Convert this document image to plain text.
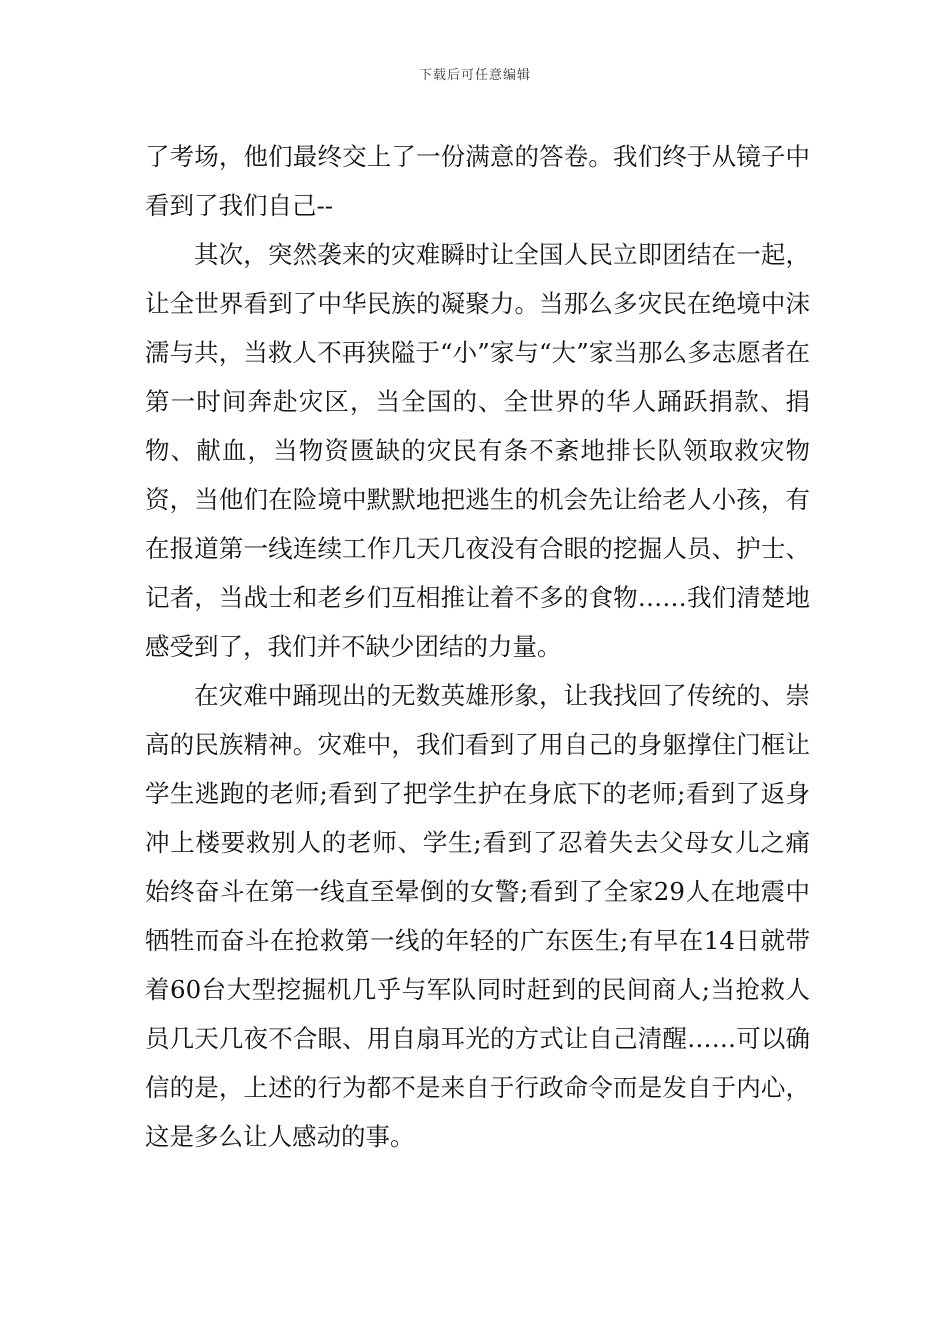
下载后可任意编辑

了考场，他们最终交上了一份满意的答卷。我们终于从镜子中看到了我们自己--

其次，突然袭来的灾难瞬时让全国人民立即团结在一起，让全世界看到了中华民族的凝聚力。当那么多灾民在绝境中沫濡与共，当救人不再狭隘于“小”家与“大”家当那么多志愿者在第一时间奔赴灾区，当全国的、全世界的华人踊跃捐款、捐物、献血，当物资匮缺的灾民有条不紊地排长队领取救灾物资，当他们在险境中默默地把逃生的机会先让给老人小孩，有在报道第一线连续工作几天几夜没有合眼的挖掘人员、护士、记者，当战士和老乡们互相推让着不多的食物……我们清楚地感受到了，我们并不缺少团结的力量。

在灾难中踊现出的无数英雄形象，让我找回了传统的、崇高的民族精神。灾难中，我们看到了用自己的身躯撑住门框让学生逃跑的老师;看到了把学生护在身底下的老师;看到了返身冲上楼要救别人的老师、学生;看到了忍着失去父母女儿之痛始终奋斗在第一线直至晕倒的女警;看到了全家29人在地震中牺牲而奋斗在抢救第一线的年轻的广东医生;有早在14日就带着60台大型挖掘机几乎与军队同时赶到的民间商人;当抢救人员几天几夜不合眼、用自扇耳光的方式让自己清醒……可以确信的是，上述的行为都不是来自于行政命令而是发自于内心，这是多么让人感动的事。
